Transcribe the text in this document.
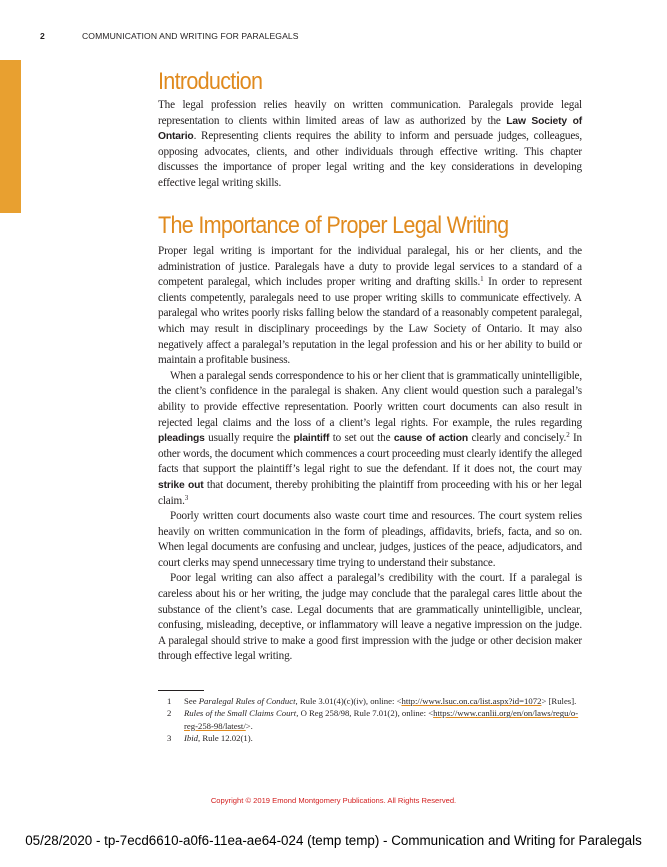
2	COMMUNICATION AND WRITING FOR PARALEGALS
Introduction

The legal profession relies heavily on written communication. Paralegals provide legal representation to clients within limited areas of law as authorized by the Law Society of Ontario. Representing clients requires the ability to inform and persuade judges, colleagues, opposing advocates, clients, and other individuals through effective writing. This chapter discusses the importance of proper legal writing and the key considerations in developing effective legal writing skills.

The Importance of Proper Legal Writing

Proper legal writing is important for the individual paralegal, his or her clients, and the administration of justice. Paralegals have a duty to provide legal services to a standard of a competent paralegal, which includes proper writing and drafting skills.$^1$ In order to represent clients competently, paralegals need to use proper writing skills to communicate effectively. A paralegal who writes poorly risks falling below the standard of a reasonably competent paralegal, which may result in disciplinary proceedings by the Law Society of Ontario. It may also negatively affect a paralegal’s reputation in the legal profession and his or her ability to build or maintain a profitable business.

When a paralegal sends correspondence to his or her client that is grammatically unintelligible, the client’s confidence in the paralegal is shaken. Any client would question such a paralegal’s ability to provide effective representation. Poorly written court documents can also result in rejected legal claims and the loss of a client’s legal rights. For example, the rules regarding pleadings usually require the plaintiff to set out the cause of action clearly and concisely.$^2$ In other words, the document which commences a court proceeding must clearly identify the alleged facts that support the plaintiff’s legal right to sue the defendant. If it does not, the court may strike out that document, thereby prohibiting the plaintiff from proceeding with his or her legal claim.$^3$

Poorly written court documents also waste court time and resources. The court system relies heavily on written communication in the form of pleadings, affidavits, briefs, facta, and so on. When legal documents are confusing and unclear, judges, justices of the peace, adjudicators, and court clerks may spend unnecessary time trying to understand their substance.

Poor legal writing can also affect a paralegal’s credibility with the court. If a paralegal is careless about his or her writing, the judge may conclude that the paralegal cares little about the substance of the client’s case. Legal documents that are grammatically unintelligible, unclear, confusing, misleading, deceptive, or inflammatory will leave a negative impression on the judge. A paralegal should strive to make a good first impression with the judge or other decision maker through effective legal writing.

1	See Paralegal Rules of Conduct, Rule 3.01(4)(c)(iv), online: <http://www.lsuc.on.ca/list.aspx?id=1072> [Rules].
2	Rules of the Small Claims Court, O Reg 258/98, Rule 7.01(2), online: <https://www.canlii.org/en/on/laws/regu/o-reg-258-98/latest/>.
3	Ibid, Rule 12.02(1).
Copyright © 2019 Emond Montgomery Publications. All Rights Reserved.
05/28/2020 - tp-7ecd6610-a0f6-11ea-ae64-024 (temp temp) - Communication and Writing for Paralegals
